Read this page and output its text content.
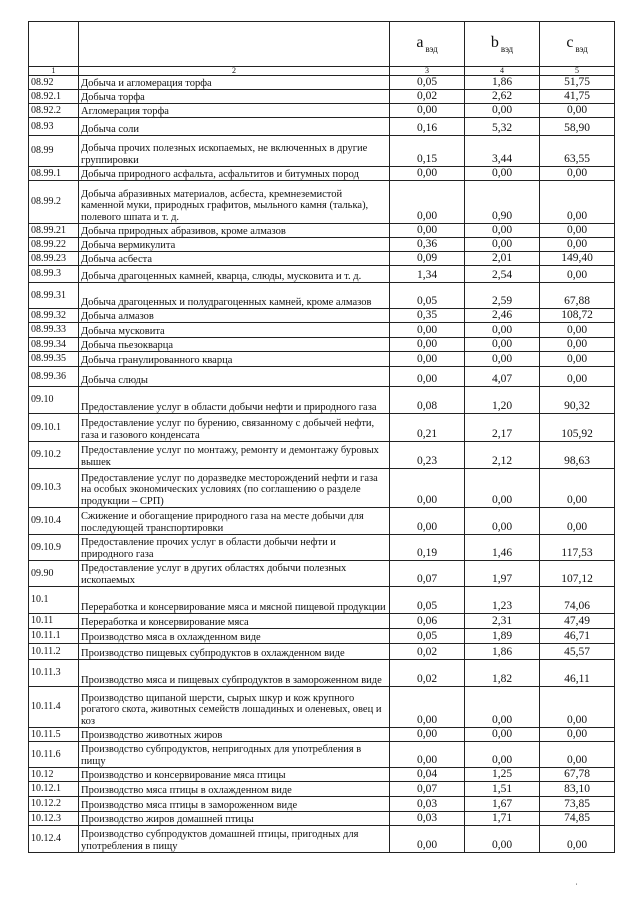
		а $_{вэд}$	b $_{вэд}$	с $_{вэд}$
1	2	3	4	5
08.92	Добыча и агломерация торфа	0,05	1,86	51,75
08.92.1	Добыча торфа	0,02	2,62	41,75
08.92.2	Агломерация торфа	0,00	0,00	0,00
08.93	Добыча соли	0,16	5,32	58,90
08.99	Добыча прочих полезных ископаемых, не включенных в другие группировки	0,15	3,44	63,55
08.99.1	Добыча природного асфальта, асфальтитов и битумных пород	0,00	0,00	0,00
08.99.2	Добыча абразивных материалов, асбеста, кремнеземистой каменной муки, природных графитов, мыльного камня (талька), полевого шпата и т. д.	0,00	0,90	0,00
08.99.21	Добыча природных абразивов, кроме алмазов	0,00	0,00	0,00
08.99.22	Добыча вермикулита	0,36	0,00	0,00
08.99.23	Добыча асбеста	0,09	2,01	149,40
08.99.3	Добыча драгоценных камней, кварца, слюды, мусковита и т. д.	1,34	2,54	0,00
08.99.31	Добыча драгоценных и полудрагоценных камней, кроме алмазов	0,05	2,59	67,88
08.99.32	Добыча алмазов	0,35	2,46	108,72
08.99.33	Добыча мусковита	0,00	0,00	0,00
08.99.34	Добыча пьезокварца	0,00	0,00	0,00
08.99.35	Добыча гранулированного кварца	0,00	0,00	0,00
08.99.36	Добыча слюды	0,00	4,07	0,00
09.10	Предоставление услуг в области добычи нефти и природного газа	0,08	1,20	90,32
09.10.1	Предоставление услуг по бурению, связанному с добычей нефти, газа и газового конденсата	0,21	2,17	105,92
09.10.2	Предоставление услуг по монтажу, ремонту и демонтажу буровых вышек	0,23	2,12	98,63
09.10.3	Предоставление услуг по доразведке месторождений нефти и газа на особых экономических условиях (по соглашению о разделе продукции – СРП)	0,00	0,00	0,00
09.10.4	Сжижение и обогащение природного газа на месте добычи для последующей транспортировки	0,00	0,00	0,00
09.10.9	Предоставление прочих услуг в области добычи нефти и природного газа	0,19	1,46	117,53
09.90	Предоставление услуг в других областях добычи полезных ископаемых	0,07	1,97	107,12
10.1	Переработка и консервирование мяса и мясной пищевой продукции	0,05	1,23	74,06
10.11	Переработка и консервирование мяса	0,06	2,31	47,49
10.11.1	Производство мяса в охлажденном виде	0,05	1,89	46,71
10.11.2	Производство пищевых субпродуктов в охлажденном виде	0,02	1,86	45,57
10.11.3	Производство мяса и пищевых субпродуктов в замороженном виде	0,02	1,82	46,11
10.11.4	Производство щипаной шерсти, сырых шкур и кож крупного рогатого скота, животных семейств лошадиных и оленевых, овец и коз	0,00	0,00	0,00
10.11.5	Производство животных жиров	0,00	0,00	0,00
10.11.6	Производство субпродуктов, непригодных для употребления в пищу	0,00	0,00	0,00
10.12	Производство и консервирование мяса птицы	0,04	1,25	67,78
10.12.1	Производство мяса птицы в охлажденном виде	0,07	1,51	83,10
10.12.2	Производство мяса птицы в замороженном виде	0,03	1,67	73,85
10.12.3	Производство жиров домашней птицы	0,03	1,71	74,85
10.12.4	Производство субпродуктов домашней птицы, пригодных для употребления в пищу	0,00	0,00	0,00
·
